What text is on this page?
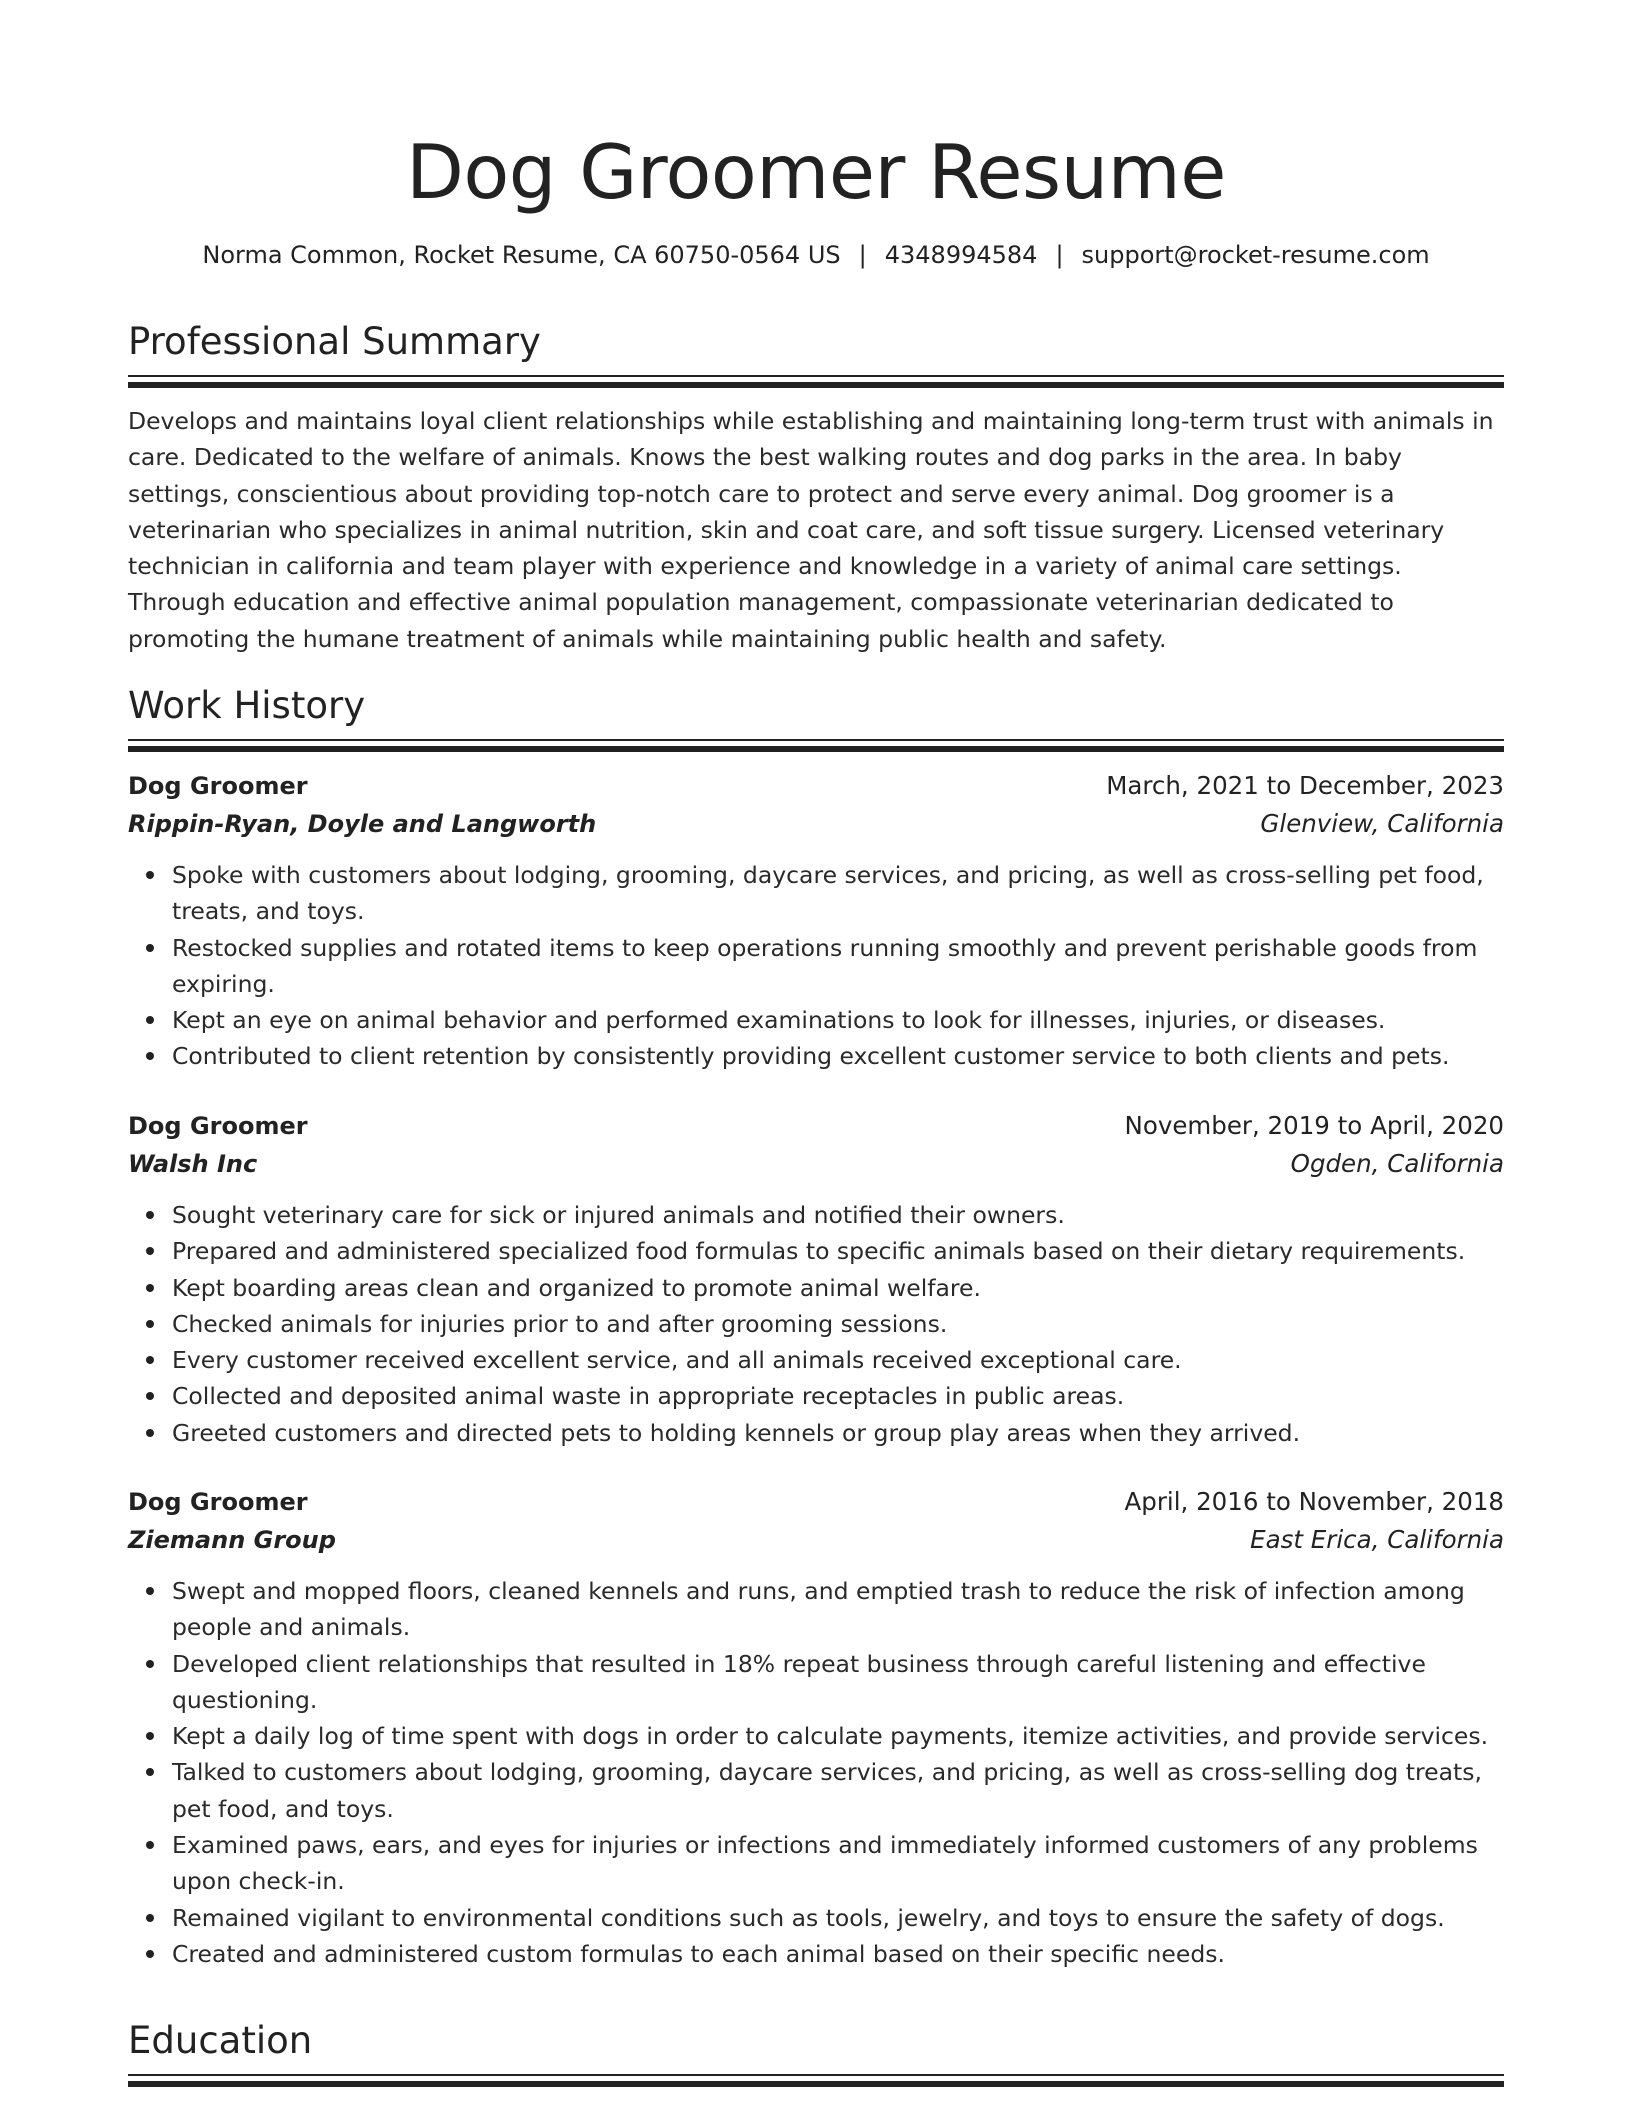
Dog Groomer Resume
Norma Common, Rocket Resume, CA 60750-0564 US | 4348994584 | support@rocket-resume.com
Professional Summary

Develops and maintains loyal client relationships while establishing and maintaining long-term trust with animals in care. Dedicated to the welfare of animals. Knows the best walking routes and dog parks in the area. In baby settings, conscientious about providing top-notch care to protect and serve every animal. Dog groomer is a veterinarian who specializes in animal nutrition, skin and coat care, and soft tissue surgery. Licensed veterinary technician in california and team player with experience and knowledge in a variety of animal care settings. Through education and effective animal population management, compassionate veterinarian dedicated to promoting the humane treatment of animals while maintaining public health and safety.

Work History
Dog Groomer	March, 2021 to December, 2023
Rippin-Ryan, Doyle and Langworth	Glenview, California
Spoke with customers about lodging, grooming, daycare services, and pricing, as well as cross-selling pet food, treats, and toys.
Restocked supplies and rotated items to keep operations running smoothly and prevent perishable goods from expiring.
Kept an eye on animal behavior and performed examinations to look for illnesses, injuries, or diseases.
Contributed to client retention by consistently providing excellent customer service to both clients and pets.
Dog Groomer	November, 2019 to April, 2020
Walsh Inc	Ogden, California
Sought veterinary care for sick or injured animals and notified their owners.
Prepared and administered specialized food formulas to specific animals based on their dietary requirements.
Kept boarding areas clean and organized to promote animal welfare.
Checked animals for injuries prior to and after grooming sessions.
Every customer received excellent service, and all animals received exceptional care.
Collected and deposited animal waste in appropriate receptacles in public areas.
Greeted customers and directed pets to holding kennels or group play areas when they arrived.
Dog Groomer	April, 2016 to November, 2018
Ziemann Group	East Erica, California
Swept and mopped floors, cleaned kennels and runs, and emptied trash to reduce the risk of infection among people and animals.
Developed client relationships that resulted in 18% repeat business through careful listening and effective questioning.
Kept a daily log of time spent with dogs in order to calculate payments, itemize activities, and provide services.
Talked to customers about lodging, grooming, daycare services, and pricing, as well as cross-selling dog treats, pet food, and toys.
Examined paws, ears, and eyes for injuries or infections and immediately informed customers of any problems upon check-in.
Remained vigilant to environmental conditions such as tools, jewelry, and toys to ensure the safety of dogs.
Created and administered custom formulas to each animal based on their specific needs.
Education
